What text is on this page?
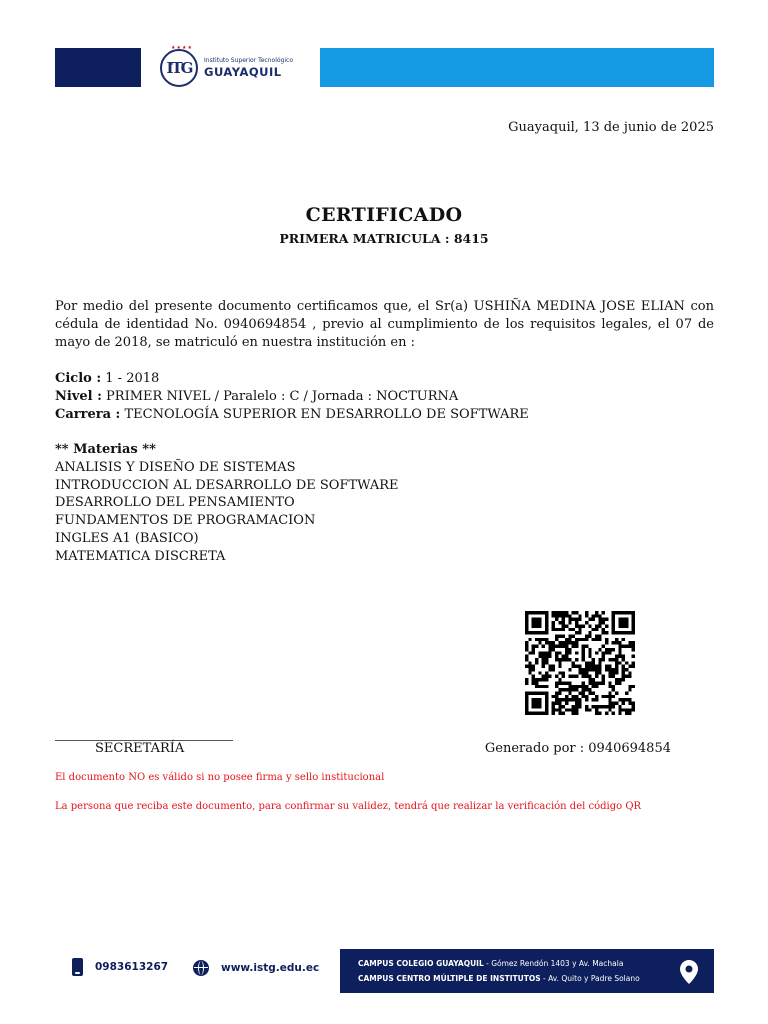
★★★★
ITG Instituto Superior Tecnológico
GUAYAQUIL
Guayaquil, 13 de junio de 2025
CERTIFICADO
PRIMERA MATRICULA : 8415
Por medio del presente documento certificamos que, el Sr(a) USHIÑA MEDINA JOSE ELIAN con cédula de identidad No. 0940694854 , previo al cumplimiento de los requisitos legales, el 07 de mayo de 2018, se matriculó en nuestra institución en :
Ciclo : 1 - 2018
Nivel : PRIMER NIVEL / Paralelo : C / Jornada : NOCTURNA
Carrera : TECNOLOGÍA SUPERIOR EN DESARROLLO DE SOFTWARE
** Materias **
ANALISIS Y DISEÑO DE SISTEMAS
INTRODUCCION AL DESARROLLO DE SOFTWARE
DESARROLLO DEL PENSAMIENTO
FUNDAMENTOS DE PROGRAMACION
INGLES A1 (BASICO)
MATEMATICA DISCRETA
SECRETARÍA	Generado por : 0940694854
El documento NO es válido si no posee firma y sello institucional
La persona que reciba este documento, para confirmar su validez, tendrá que realizar la verificación del código QR
0983613267	www.istg.edu.ec	CAMPUS COLEGIO GUAYAQUIL - Gómez Rendón 1403 y Av. Machala
CAMPUS CENTRO MÚLTIPLE DE INSTITUTOS - Av. Quito y Padre Solano
